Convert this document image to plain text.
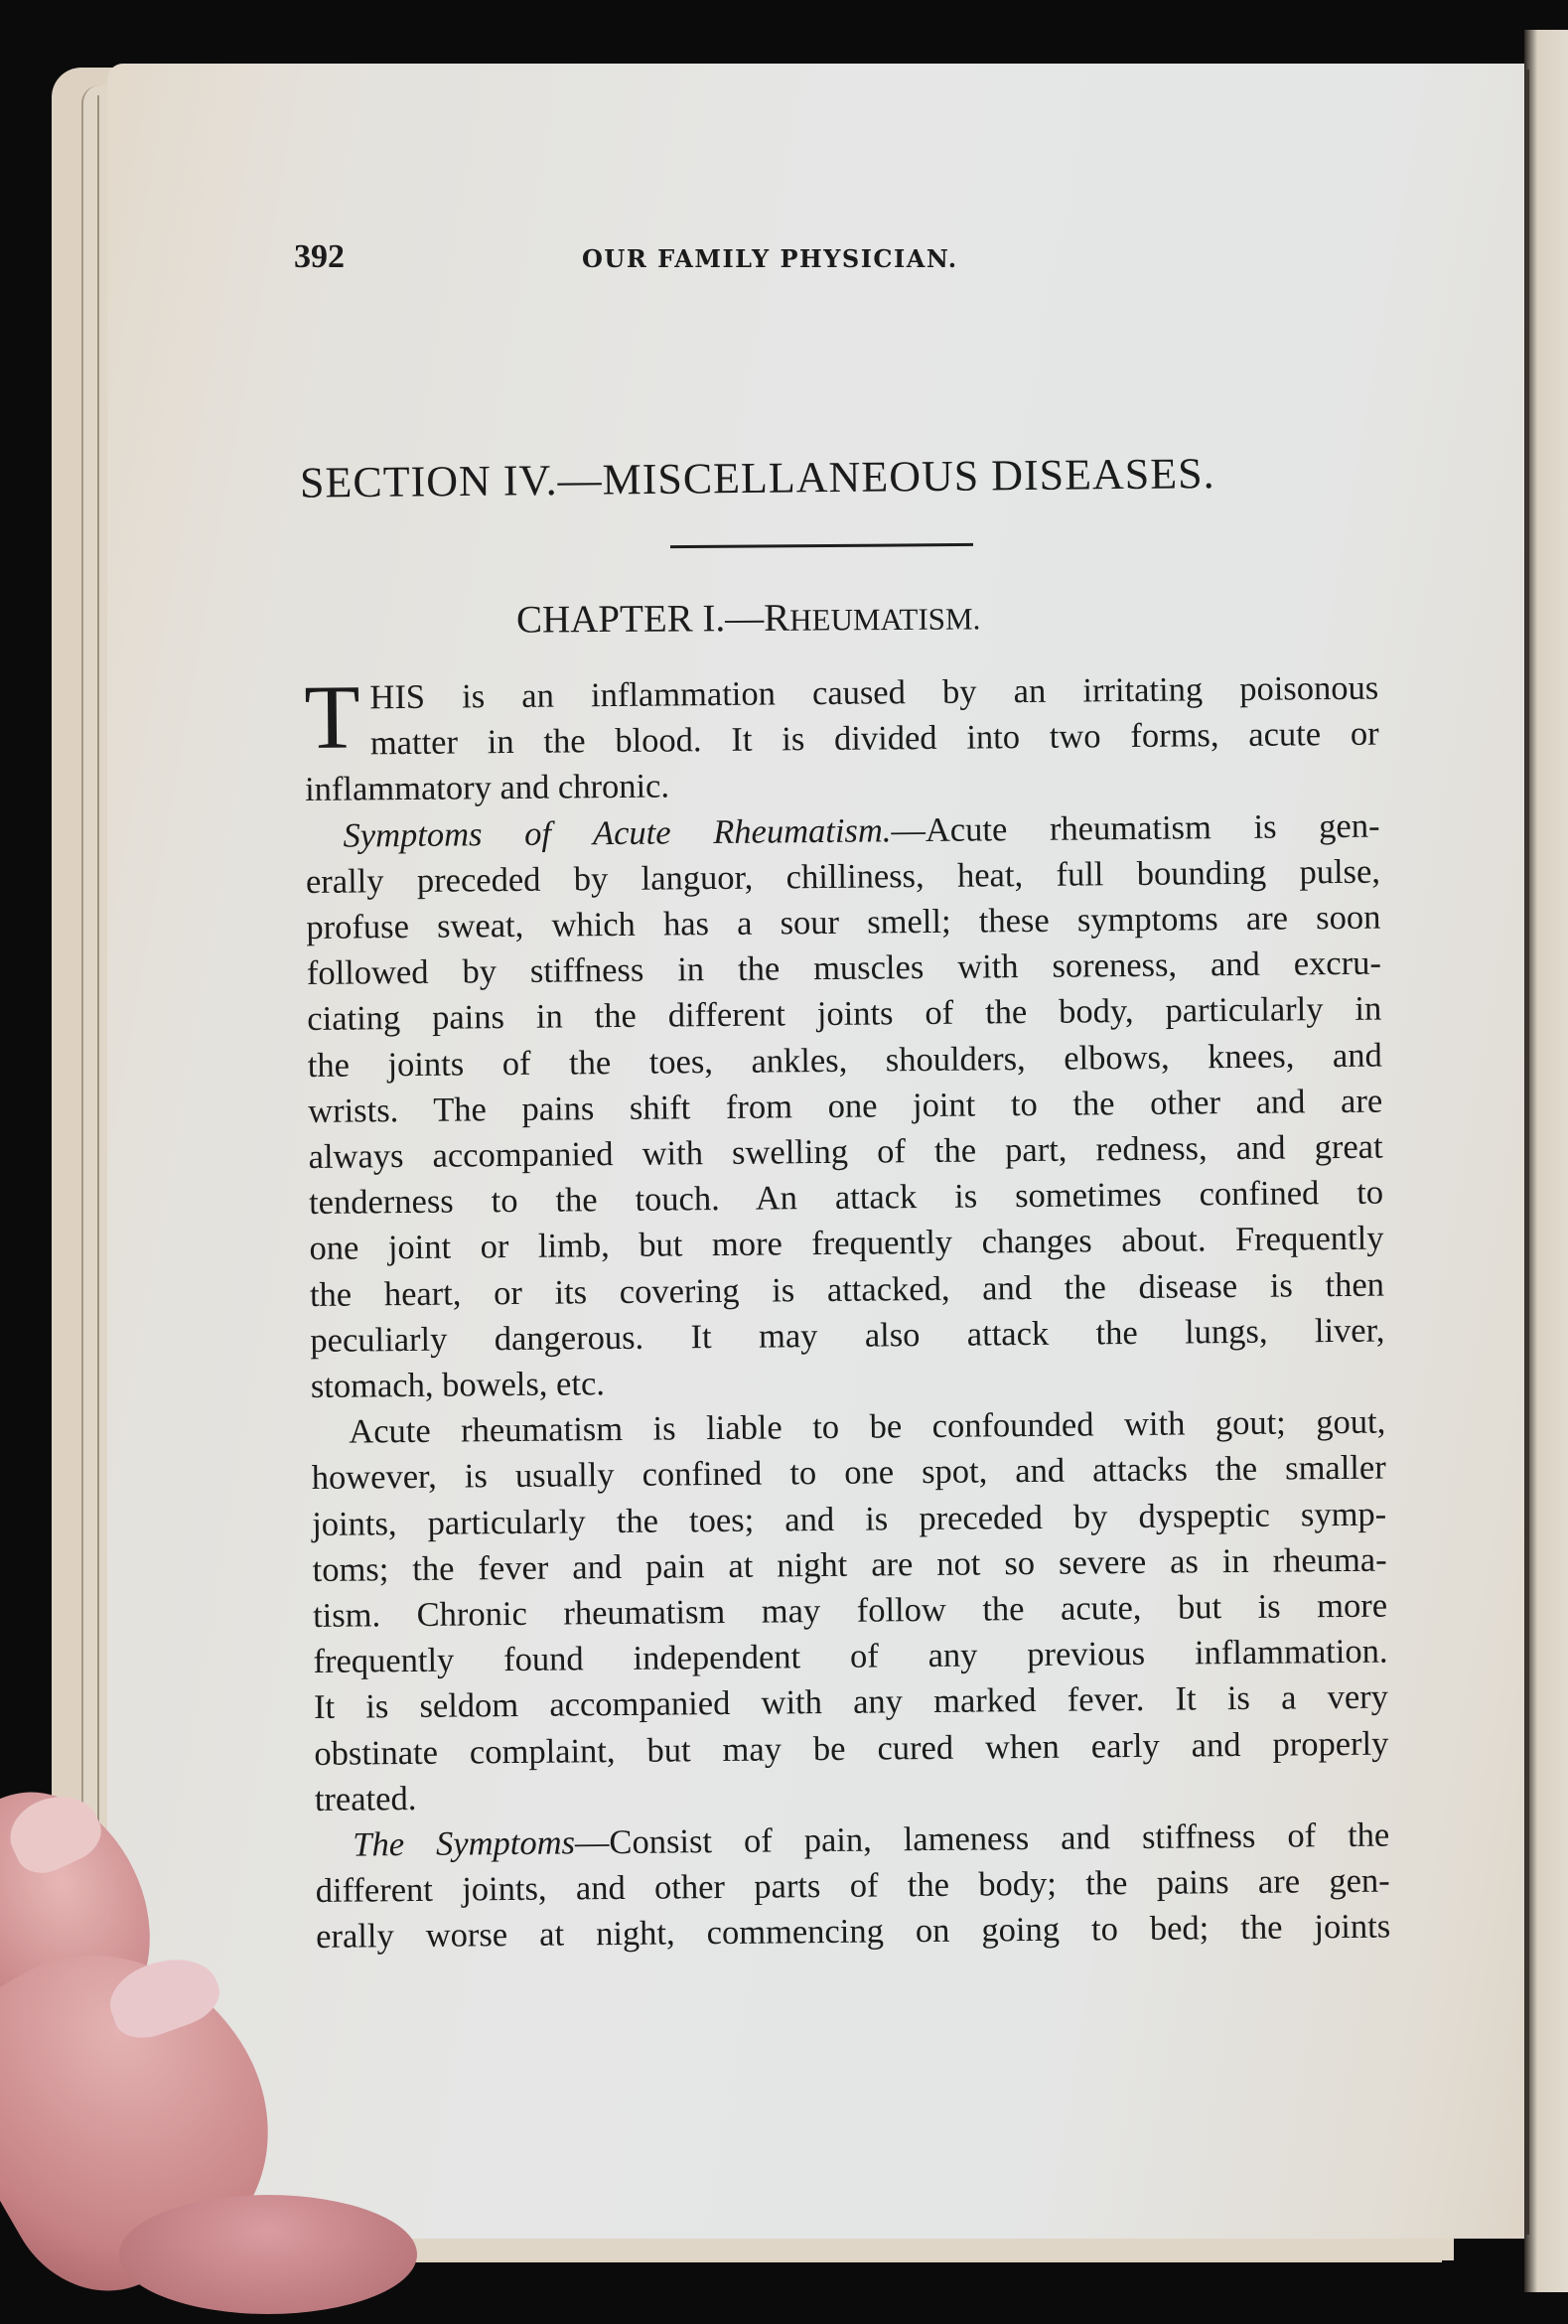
392	OUR FAMILY PHYSICIAN.
SECTION IV.—MISCELLANEOUS DISEASES.
CHAPTER I.—RHEUMATISM.
T HIS is an inflammation caused by an irritating poisonous
matter in the blood. It is divided into two forms, acute or
inflammatory and chronic.
Symptoms of Acute Rheumatism.—Acute rheumatism is gen-
erally preceded by languor, chilliness, heat, full bounding pulse,
profuse sweat, which has a sour smell; these symptoms are soon
followed by stiffness in the muscles with soreness, and excru-
ciating pains in the different joints of the body, particularly in
the joints of the toes, ankles, shoulders, elbows, knees, and
wrists. The pains shift from one joint to the other and are
always accompanied with swelling of the part, redness, and great
tenderness to the touch. An attack is sometimes confined to
one joint or limb, but more frequently changes about. Frequently
the heart, or its covering is attacked, and the disease is then
peculiarly dangerous. It may also attack the lungs, liver,
stomach, bowels, etc.
Acute rheumatism is liable to be confounded with gout; gout,
however, is usually confined to one spot, and attacks the smaller
joints, particularly the toes; and is preceded by dyspeptic symp-
toms; the fever and pain at night are not so severe as in rheuma-
tism. Chronic rheumatism may follow the acute, but is more
frequently found independent of any previous inflammation.
It is seldom accompanied with any marked fever. It is a very
obstinate complaint, but may be cured when early and properly
treated.
The Symptoms—Consist of pain, lameness and stiffness of the
different joints, and other parts of the body; the pains are gen-
erally worse at night, commencing on going to bed; the joints
